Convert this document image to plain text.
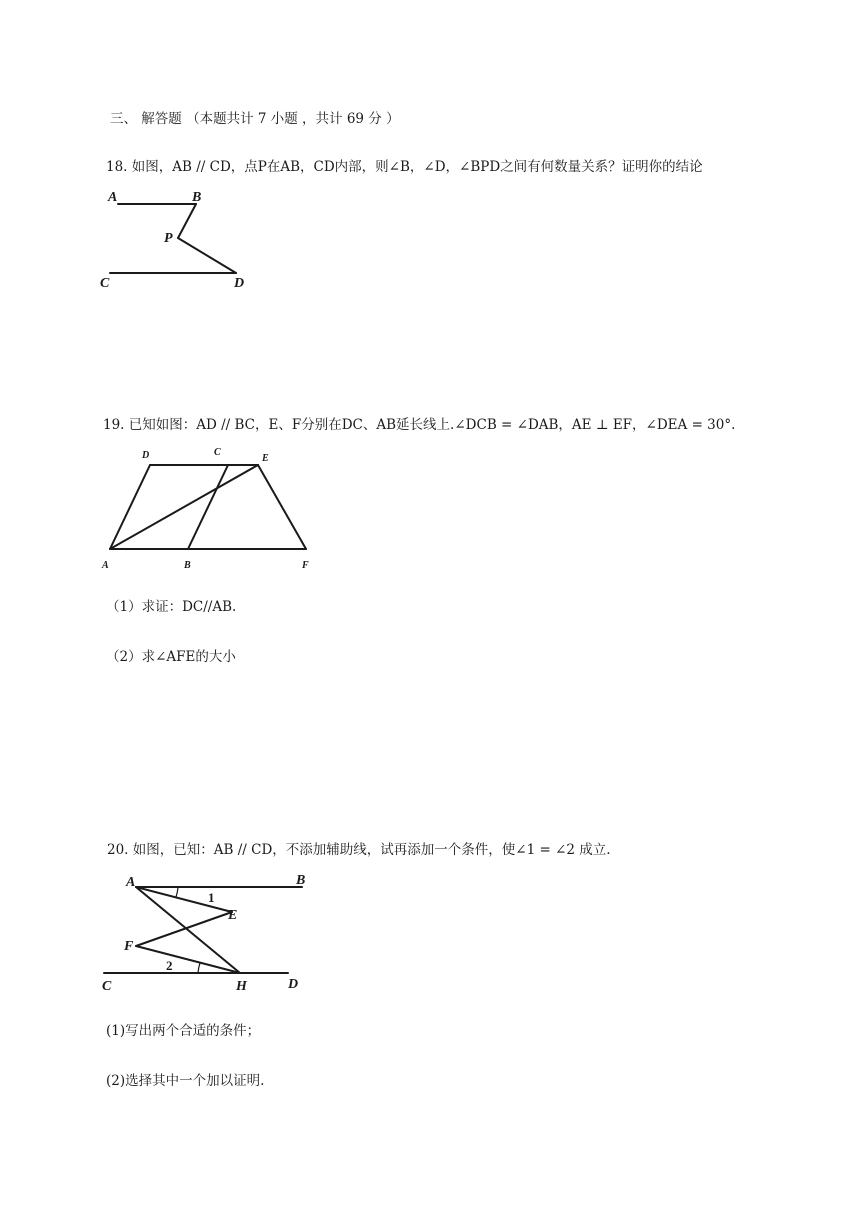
三、 解答题 （本题共计 7 小题 ，共计 69 分 ）
18. 如图，AB // CD，点P在AB，CD内部，则∠B，∠D，∠BPD之间有何数量关系？证明你的结论
A	B
P
C	D
19. 已知如图：AD // BC，E、F分别在DC、AB延长线上.∠DCB = ∠DAB，AE ⊥ EF，∠DEA = 30°.
D	C
E
A	B	F
（1）求证：DC//AB.
（2）求∠AFE的大小
20. 如图，已知：AB // CD，不添加辅助线，试再添加一个条件，使∠1 = ∠2 成立.
A	B
E
F
C	H	D
1
2
(1)写出两个合适的条件；
(2)选择其中一个加以证明.
